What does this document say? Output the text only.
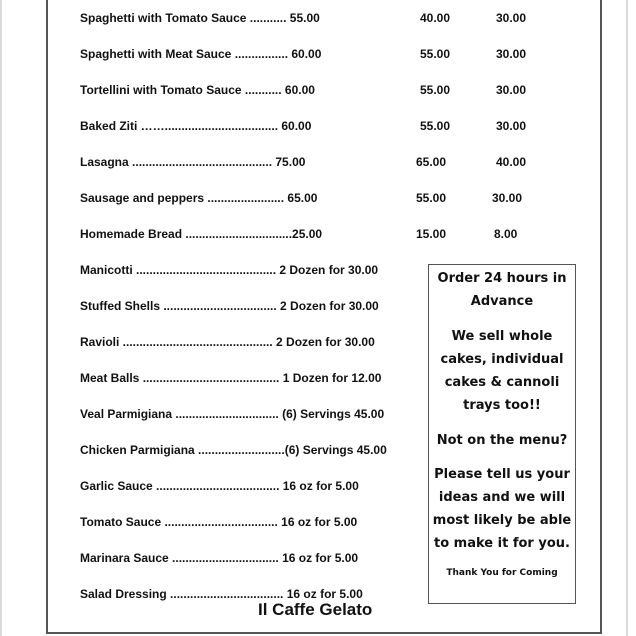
Spaghetti with Tomato Sauce ........... 55.00	40.00	30.00
Spaghetti with Meat Sauce ................ 60.00	55.00	30.00
Tortellini with Tomato Sauce ........... 60.00	55.00	30.00
Baked Ziti …….................................. 60.00	55.00	30.00
Lasagna .......................................... 75.00	65.00	40.00
Sausage and peppers ....................... 65.00	55.00	30.00
Homemade Bread ................................25.00	15.00	8.00
Manicotti .......................................... 2 Dozen for 30.00
Stuffed Shells .................................. 2 Dozen for 30.00
Ravioli ............................................. 2 Dozen for 30.00
Meat Balls ......................................... 1 Dozen for 12.00
Veal Parmigiana ............................... (6) Servings 45.00
Chicken Parmigiana ..........................(6) Servings 45.00
Garlic Sauce ..................................... 16 oz for 5.00
Tomato Sauce .................................. 16 oz for 5.00
Marinara Sauce ................................ 16 oz for 5.00
Salad Dressing .................................. 16 oz for 5.00

Order 24 hours in Advance

We sell whole cakes, individual cakes & cannoli trays too!!

Not on the menu?

Please tell us your ideas and we will most likely be able to make it for you.

Thank You for Coming

Il Caffe Gelato
